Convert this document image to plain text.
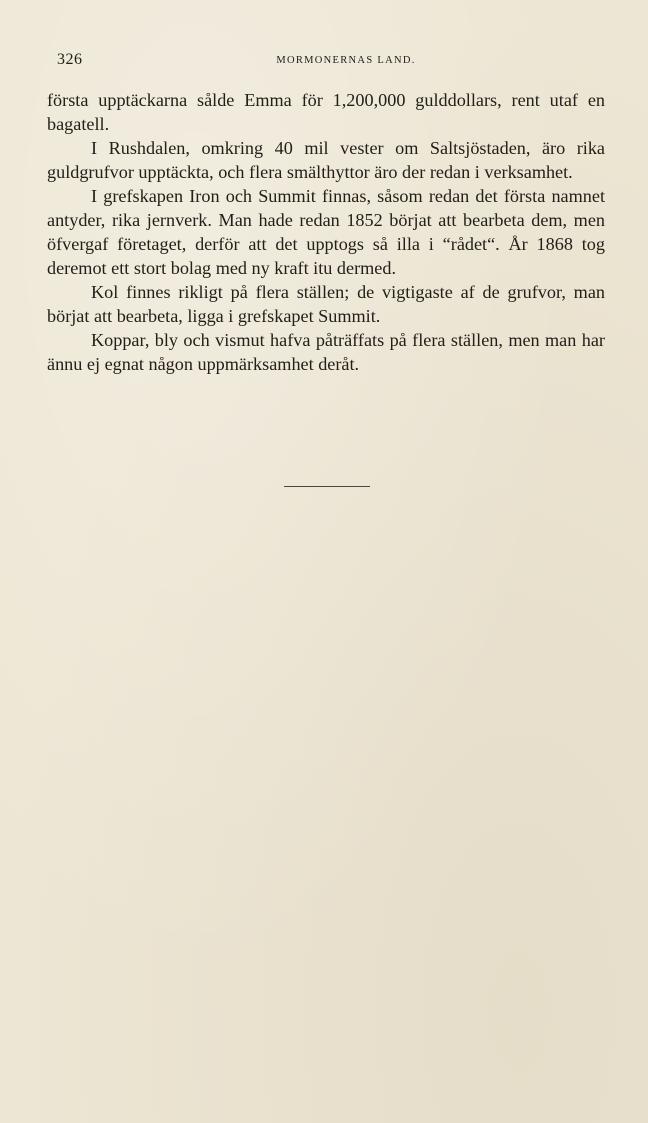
326	MORMONERNAS LAND.

första upptäckarna sålde Emma för 1,200,000 gulddollars, rent utaf en bagatell.

I Rushdalen, omkring 40 mil vester om Saltsjöstaden, äro rika guldgrufvor upptäckta, och flera smälthyttor äro der redan i verksamhet.

I grefskapen Iron och Summit finnas, såsom redan det första namnet antyder, rika jernverk. Man hade redan 1852 börjat att bearbeta dem, men öfvergaf företaget, derför att det upptogs så illa i “rådet“. År 1868 tog deremot ett stort bolag med ny kraft itu dermed.

Kol finnes rikligt på flera ställen; de vigtigaste af de grufvor, man börjat att bearbeta, ligga i grefskapet Summit.

Koppar, bly och vismut hafva påträffats på flera ställen, men man har ännu ej egnat någon uppmärksamhet deråt.
